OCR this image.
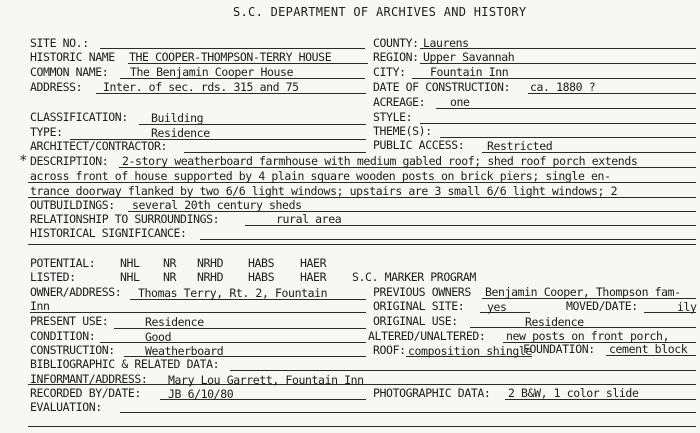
S.C. DEPARTMENT OF ARCHIVES AND HISTORY
SITE NO.:
HISTORIC NAME THE COOPER-THOMPSON-TERRY HOUSE
COMMON NAME: The Benjamin Cooper House
ADDRESS: Inter. of sec. rds. 315 and 75
COUNTY: Laurens
REGION: Upper Savannah
CITY: Fountain Inn
DATE OF CONSTRUCTION: ca. 1880 ?
ACREAGE: one
CLASSIFICATION: Building
TYPE:	Residence
ARCHITECT/CONTRACTOR:
STYLE:
THEME(S):
PUBLIC ACCESS: Restricted
* DESCRIPTION: 2-story weatherboard farmhouse with medium gabled roof; shed roof porch extends
across front of house supported by 4 plain square wooden posts on brick piers; single en-
trance doorway flanked by two 6/6 light windows; upstairs are 3 small 6/6 light windows; 2
OUTBUILDINGS: several 20th century sheds
RELATIONSHIP TO SURROUNDINGS:	rural area
HISTORICAL SIGNIFICANCE:
POTENTIAL: NHL NR NRHD HABS HAER
LISTED:	NHL NR NRHD HABS HAER S.C. MARKER PROGRAM
OWNER/ADDRESS: Thomas Terry, Rt. 2, Fountain
Inn
PRESENT USE:	Residence
CONDITION:	Good
CONSTRUCTION:	Weatherboard
BIBLIOGRAPHIC & RELATED DATA:
INFORMANT/ADDRESS: Mary Lou Garrett, Fountain Inn
RECORDED BY/DATE: JB 6/10/80
EVALUATION:
PREVIOUS OWNERS Benjamin Cooper, Thompson fam-
ORIGINAL SITE: yes	MOVED/DATE:	ily
ORIGINAL USE:	Residence
ALTERED/UNALTERED: new posts on front porch,
ROOF: composition shingle
FOUNDATION: cement block
PHOTOGRAPHIC DATA: 2 B&W, 1 color slide
